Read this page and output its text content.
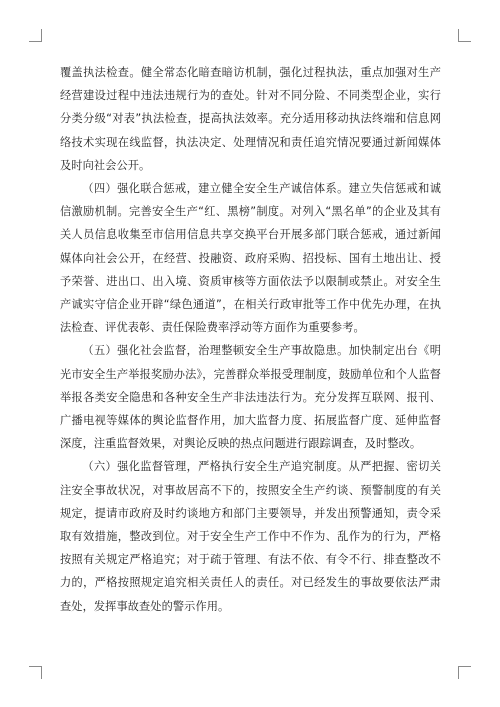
覆盖执法检查。健全常态化暗查暗访机制，强化过程执法，重点加强对生产经营建设过程中违法违规行为的查处。针对不同分险、不同类型企业，实行分类分级“对表”执法检查，提高执法效率。充分适用移动执法终端和信息网络技术实现在线监督，执法决定、处理情况和责任追究情况要通过新闻媒体及时向社会公开。

（四）强化联合惩戒，建立健全安全生产诚信体系。建立失信惩戒和诚信激励机制。完善安全生产“红、黑榜”制度。对列入“黑名单”的企业及其有关人员信息收集至市信用信息共享交换平台开展多部门联合惩戒，通过新闻媒体向社会公开，在经营、投融资、政府采购、招投标、国有土地出让、授予荣誉、进出口、出入境、资质审核等方面依法予以限制或禁止。对安全生产诚实守信企业开辟“绿色通道”，在相关行政审批等工作中优先办理，在执法检查、评优表彰、责任保险费率浮动等方面作为重要参考。

（五）强化社会监督，治理整顿安全生产事故隐患。加快制定出台《明光市安全生产举报奖励办法》，完善群众举报受理制度，鼓励单位和个人监督举报各类安全隐患和各种安全生产非法违法行为。充分发挥互联网、报刊、广播电视等媒体的舆论监督作用，加大监督力度、拓展监督广度、延伸监督深度，注重监督效果，对舆论反映的热点问题进行跟踪调查，及时整改。

（六）强化监督管理，严格执行安全生产追究制度。从严把握、密切关注安全事故状况，对事故居高不下的，按照安全生产约谈、预警制度的有关规定，提请市政府及时约谈地方和部门主要领导，并发出预警通知，责令采取有效措施，整改到位。对于安全生产工作中不作为、乱作为的行为，严格按照有关规定严格追究；对于疏于管理、有法不依、有令不行、排查整改不力的，严格按照规定追究相关责任人的责任。对已经发生的事故要依法严肃查处，发挥事故查处的警示作用。
